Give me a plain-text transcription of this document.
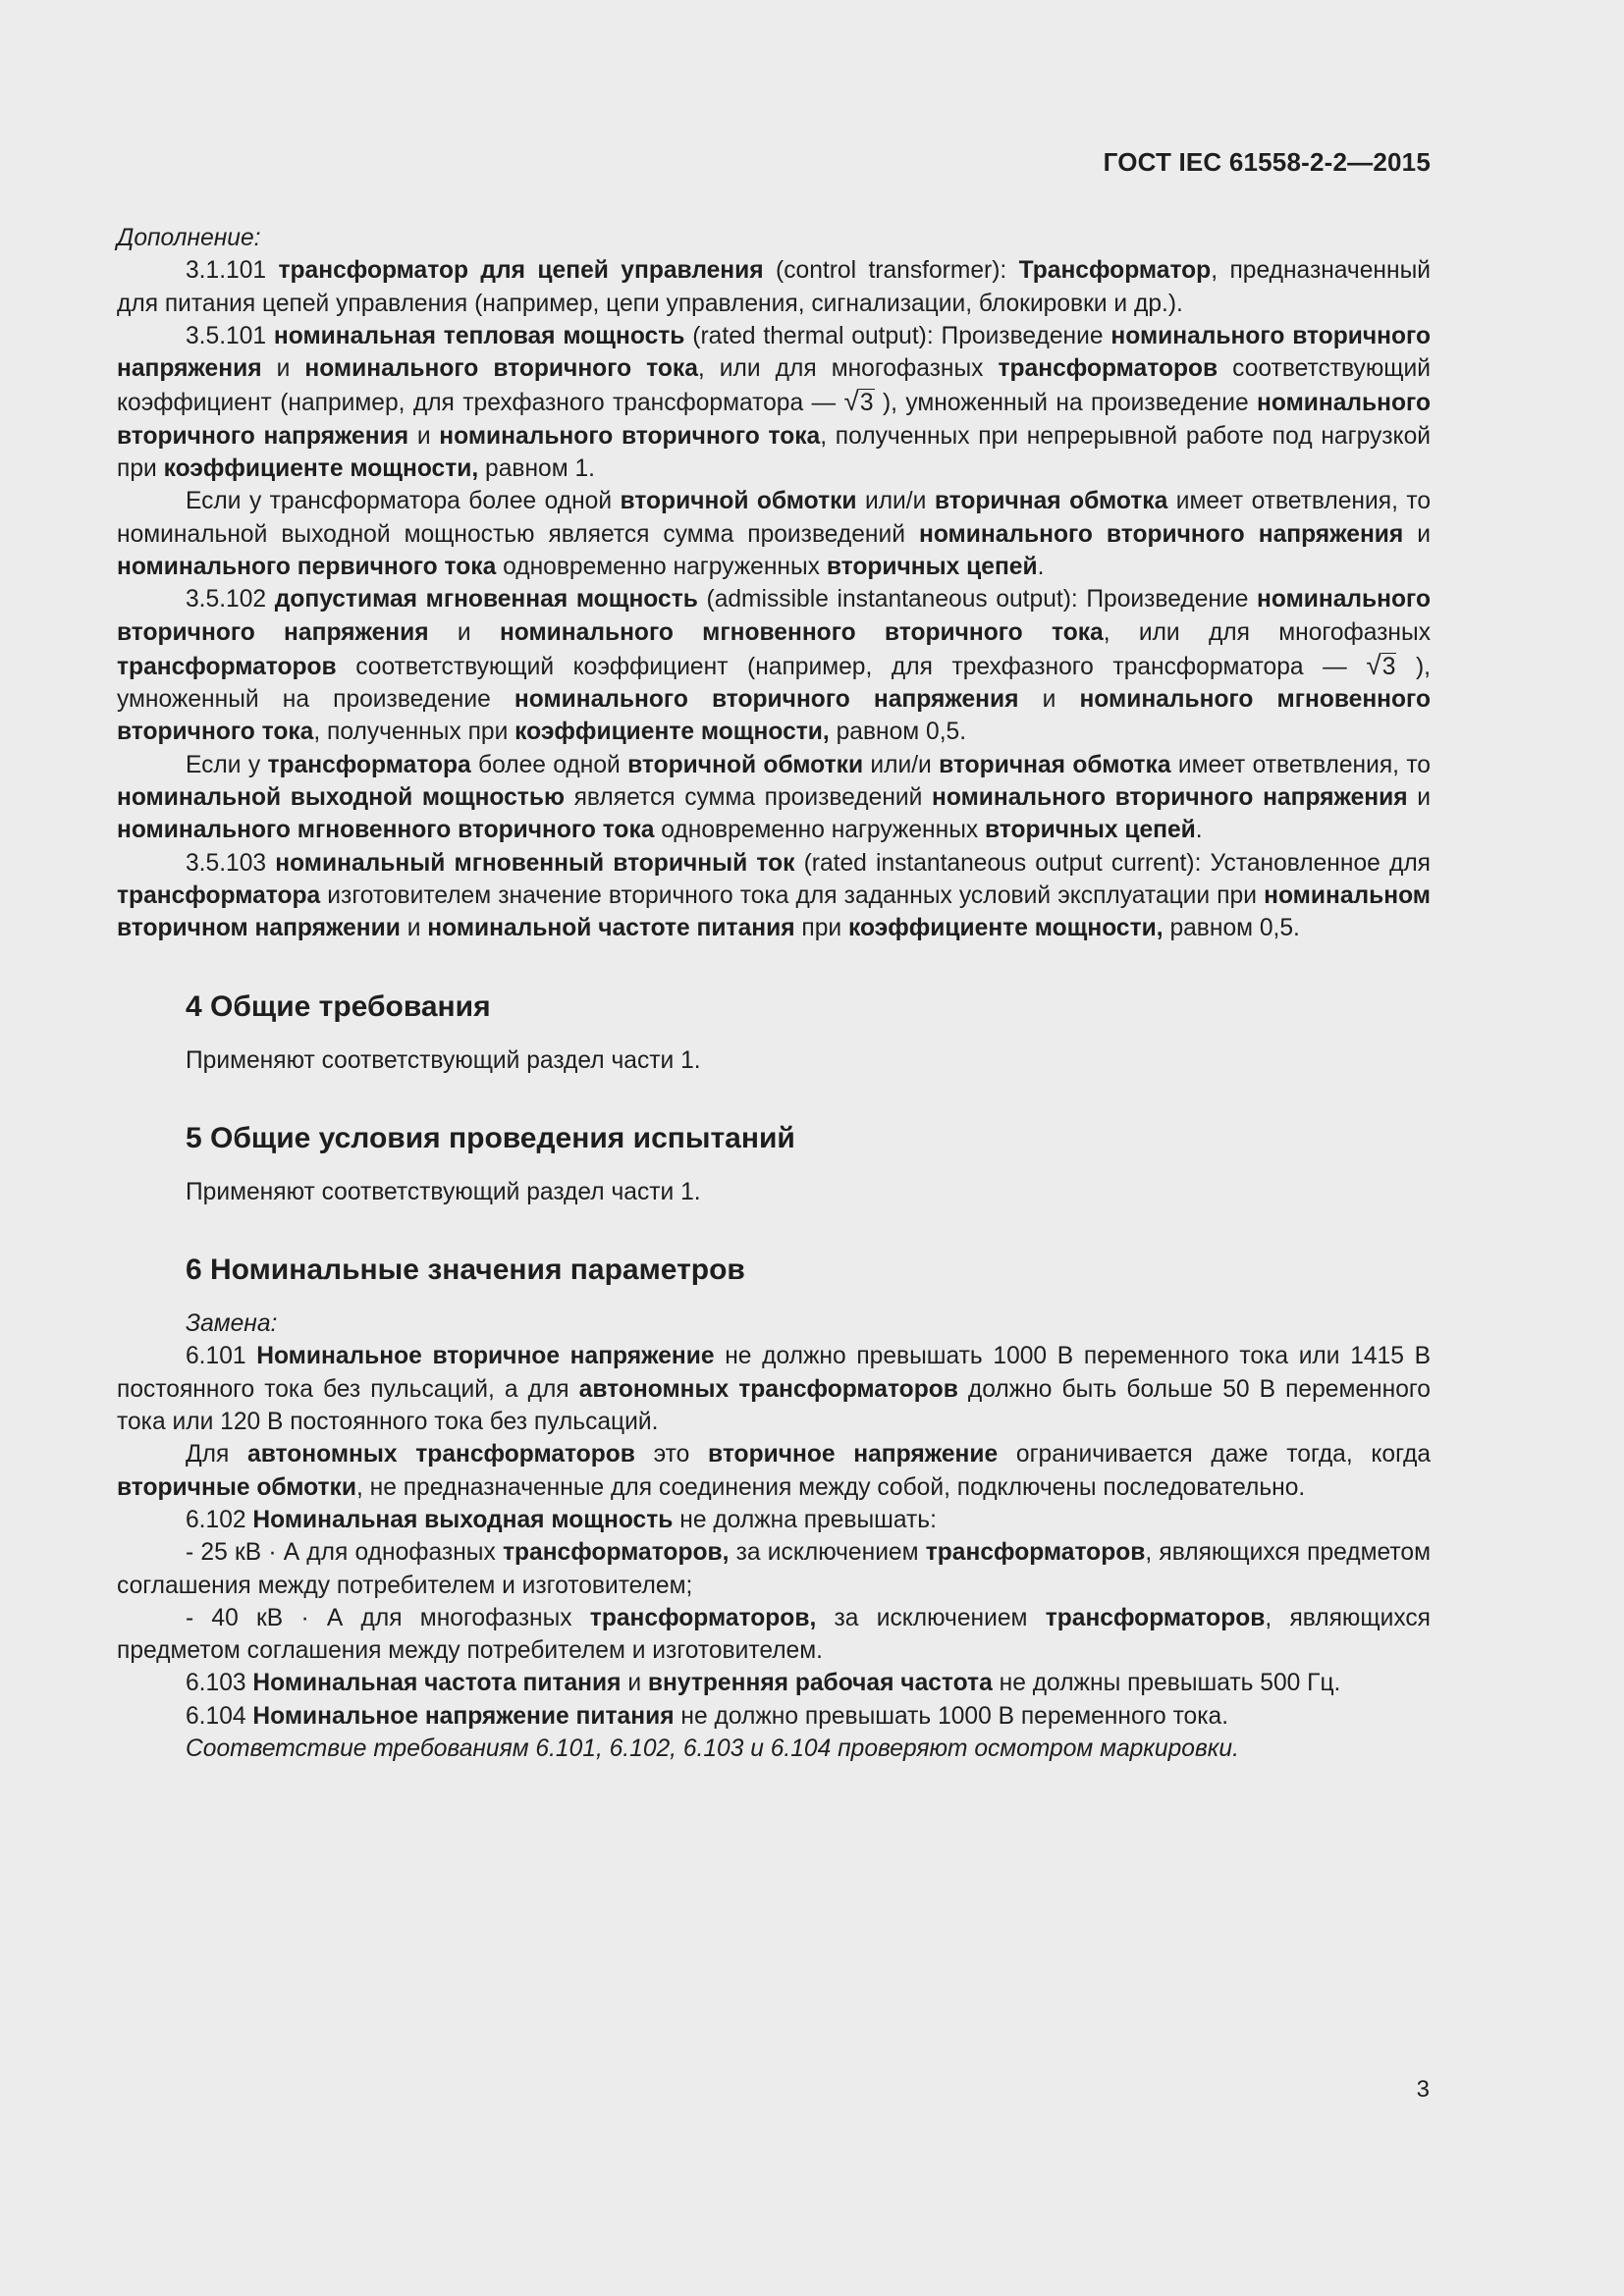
ГОСТ IEC 61558-2-2—2015

Дополнение:

3.1.101 трансформатор для цепей управления (control transformer): Трансформатор, предназначенный для питания цепей управления (например, цепи управления, сигнализации, блокировки и др.).

3.5.101 номинальная тепловая мощность (rated thermal output): Произведение номинального вторичного напряжения и номинального вторичного тока, или для многофазных трансформаторов соответствующий коэффициент (например, для трехфазного трансформатора — √3 ), умноженный на произведение номинального вторичного напряжения и номинального вторичного тока, полученных при непрерывной работе под нагрузкой при коэффициенте мощности, равном 1.

Если у трансформатора более одной вторичной обмотки или/и вторичная обмотка имеет ответвления, то номинальной выходной мощностью является сумма произведений номинального вторичного напряжения и номинального первичного тока одновременно нагруженных вторичных цепей.

3.5.102 допустимая мгновенная мощность (admissible instantaneous output): Произведение номинального вторичного напряжения и номинального мгновенного вторичного тока, или для многофазных трансформаторов соответствующий коэффициент (например, для трехфазного трансформатора — √3 ), умноженный на произведение номинального вторичного напряжения и номинального мгновенного вторичного тока, полученных при коэффициенте мощности, равном 0,5.

Если у трансформатора более одной вторичной обмотки или/и вторичная обмотка имеет ответвления, то номинальной выходной мощностью является сумма произведений номинального вторичного напряжения и номинального мгновенного вторичного тока одновременно нагруженных вторичных цепей.

3.5.103 номинальный мгновенный вторичный ток (rated instantaneous output current): Установленное для трансформатора изготовителем значение вторичного тока для заданных условий эксплуатации при номинальном вторичном напряжении и номинальной частоте питания при коэффициенте мощности, равном 0,5.

4 Общие требования

Применяют соответствующий раздел части 1.

5 Общие условия проведения испытаний

Применяют соответствующий раздел части 1.

6 Номинальные значения параметров

Замена:

6.101 Номинальное вторичное напряжение не должно превышать 1000 В переменного тока или 1415 В постоянного тока без пульсаций, а для автономных трансформаторов должно быть больше 50 В переменного тока или 120 В постоянного тока без пульсаций.

Для автономных трансформаторов это вторичное напряжение ограничивается даже тогда, когда вторичные обмотки, не предназначенные для соединения между собой, подключены последовательно.

6.102 Номинальная выходная мощность не должна превышать:

- 25 кВ · А для однофазных трансформаторов, за исключением трансформаторов, являющихся предметом соглашения между потребителем и изготовителем;

- 40 кВ · А для многофазных трансформаторов, за исключением трансформаторов, являющихся предметом соглашения между потребителем и изготовителем.

6.103 Номинальная частота питания и внутренняя рабочая частота не должны превышать 500 Гц.

6.104 Номинальное напряжение питания не должно превышать 1000 В переменного тока.

Соответствие требованиям 6.101, 6.102, 6.103 и 6.104 проверяют осмотром маркировки.

3
